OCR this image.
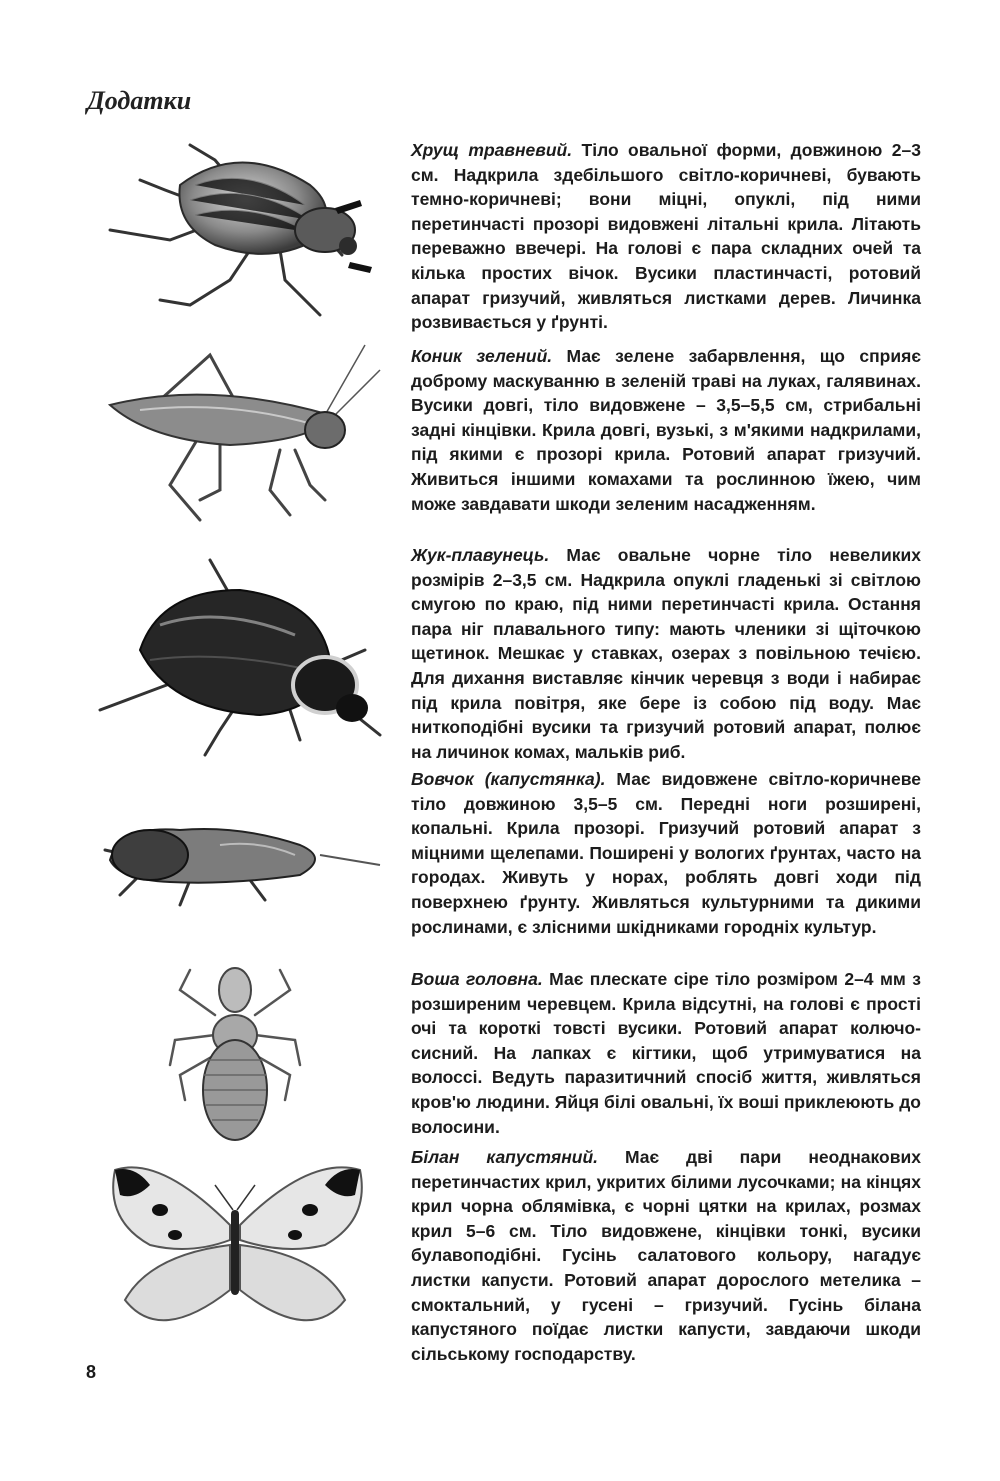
Додатки
Хрущ травневий. Тіло овальної форми, довжиною 2–3 см. Надкрила здебільшого світло-коричневі, бувають темно-коричневі; вони міцні, опуклі, під ними перетинчасті прозорі видовжені літальні крила. Літають переважно ввечері. На голові є пара складних очей та кілька простих вічок. Вусики пластинчасті, ротовий апарат гризучий, живляться листками дерев. Личинка розвивається у ґрунті.
Коник зелений. Має зелене забарвлення, що сприяє доброму маскуванню в зеленій траві на луках, галявинах. Вусики довгі, тіло видовжене – 3,5–5,5 см, стрибальні задні кінцівки. Крила довгі, вузькі, з м'якими надкрилами, під якими є прозорі крила. Ротовий апарат гризучий. Живиться іншими комахами та рослинною їжею, чим може завдавати шкоди зеленим насадженням.
Жук-плавунець. Має овальне чорне тіло невеликих розмірів 2–3,5 см. Надкрила опуклі гладенькі зі світлою смугою по краю, під ними перетинчасті крила. Остання пара ніг плавального типу: мають членики зі щіточкою щетинок. Мешкає у ставках, озерах з повільною течією. Для дихання виставляє кінчик черевця з води і набирає під крила повітря, яке бере із собою під воду. Має ниткоподібні вусики та гризучий ротовий апарат, полює на личинок комах, мальків риб.
Вовчок (капустянка). Має видовжене світло-коричневе тіло довжиною 3,5–5 см. Передні ноги розширені, копальні. Крила прозорі. Гризучий ротовий апарат з міцними щелепами. Поширені у вологих ґрунтах, часто на городах. Живуть у норах, роблять довгі ходи під поверхнею ґрунту. Живляться культурними та дикими рослинами, є злісними шкідниками городніх культур.
Воша головна. Має плескате сіре тіло розміром 2–4 мм з розширеним черевцем. Крила відсутні, на голові є прості очі та короткі товсті вусики. Ротовий апарат колючо-сисний. На лапках є кігтики, щоб утримуватися на волоссі. Ведуть паразитичний спосіб життя, живляться кров'ю людини. Яйця білі овальні, їх воші приклеюють до волосини.
Білан капустяний. Має дві пари неоднакових перетинчастих крил, укритих білими лусочками; на кінцях крил чорна облямівка, є чорні цятки на крилах, розмах крил 5–6 см. Тіло видовжене, кінцівки тонкі, вусики булавоподібні. Гусінь салатового кольору, нагадує листки капусти. Ротовий апарат дорослого метелика – смоктальний, у гусені – гризучий. Гусінь білана капустяного поїдає листки капусти, завдаючи шкоди сільському господарству.
8
